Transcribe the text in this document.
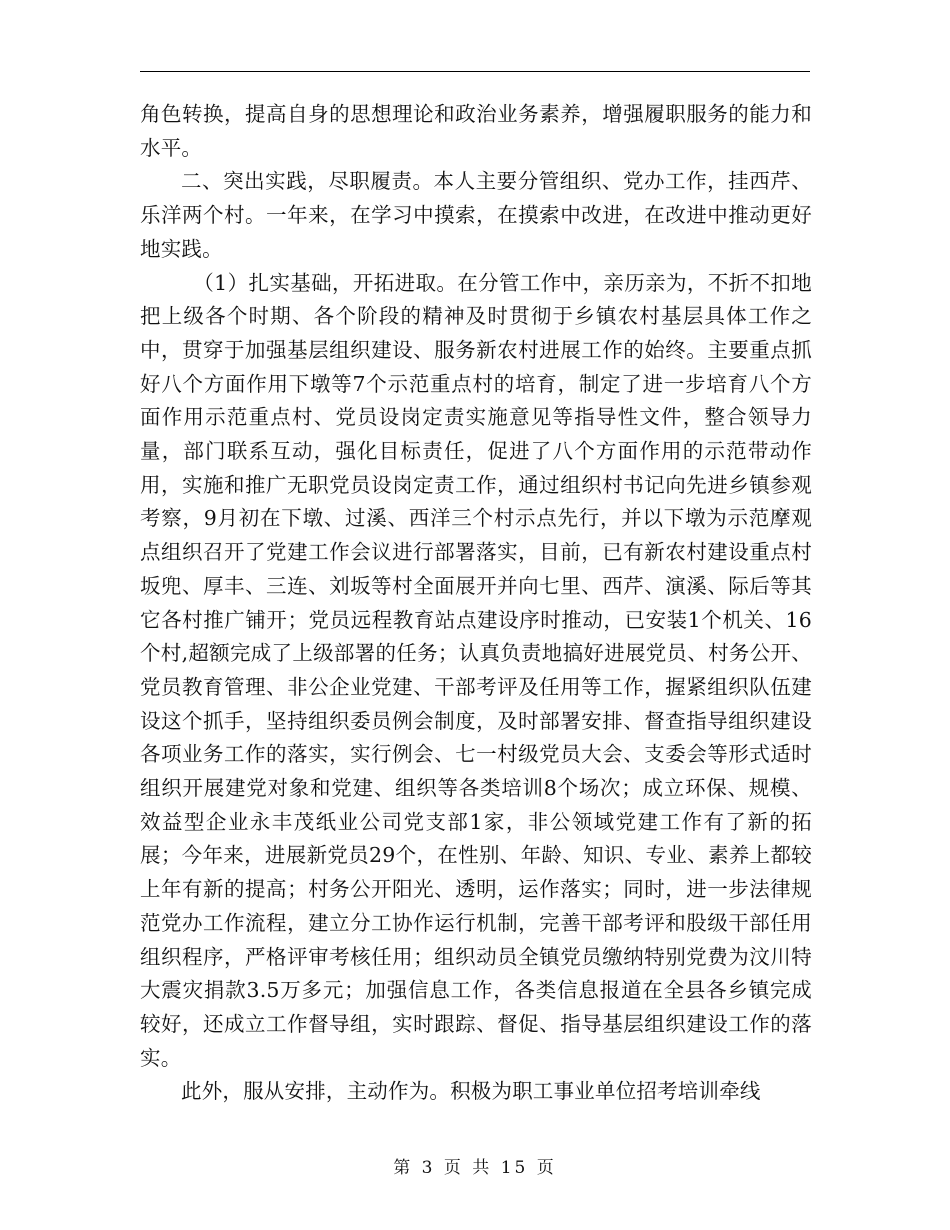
角色转换，提高自身的思想理论和政治业务素养，增强履职服务的能力和水平。

二、突出实践，尽职履责。本人主要分管组织、党办工作，挂西芹、乐洋两个村。一年来，在学习中摸索，在摸索中改进，在改进中推动更好地实践。

（1）扎实基础，开拓进取。在分管工作中，亲历亲为，不折不扣地把上级各个时期、各个阶段的精神及时贯彻于乡镇农村基层具体工作之中，贯穿于加强基层组织建设、服务新农村进展工作的始终。主要重点抓好八个方面作用下墩等7个示范重点村的培育，制定了进一步培育八个方面作用示范重点村、党员设岗定责实施意见等指导性文件，整合领导力量，部门联系互动，强化目标责任，促进了八个方面作用的示范带动作用，实施和推广无职党员设岗定责工作，通过组织村书记向先进乡镇参观考察，9月初在下墩、过溪、西洋三个村示点先行，并以下墩为示范摩观点组织召开了党建工作会议进行部署落实，目前，已有新农村建设重点村坂兜、厚丰、三连、刘坂等村全面展开并向七里、西芹、演溪、际后等其它各村推广铺开；党员远程教育站点建设序时推动，已安装1个机关、16个村,超额完成了上级部署的任务；认真负责地搞好进展党员、村务公开、党员教育管理、非公企业党建、干部考评及任用等工作，握紧组织队伍建设这个抓手，坚持组织委员例会制度，及时部署安排、督查指导组织建设各项业务工作的落实，实行例会、七一村级党员大会、支委会等形式适时组织开展建党对象和党建、组织等各类培训8个场次；成立环保、规模、效益型企业永丰茂纸业公司党支部1家，非公领域党建工作有了新的拓展；今年来，进展新党员29个，在性别、年龄、知识、专业、素养上都较上年有新的提高；村务公开阳光、透明，运作落实；同时，进一步法律规范党办工作流程，建立分工协作运行机制，完善干部考评和股级干部任用组织程序，严格评审考核任用；组织动员全镇党员缴纳特别党费为汶川特大震灾捐款3.5万多元；加强信息工作，各类信息报道在全县各乡镇完成较好，还成立工作督导组，实时跟踪、督促、指导基层组织建设工作的落实。

此外，服从安排，主动作为。积极为职工事业单位招考培训牵线

第 3 页 共 15 页
